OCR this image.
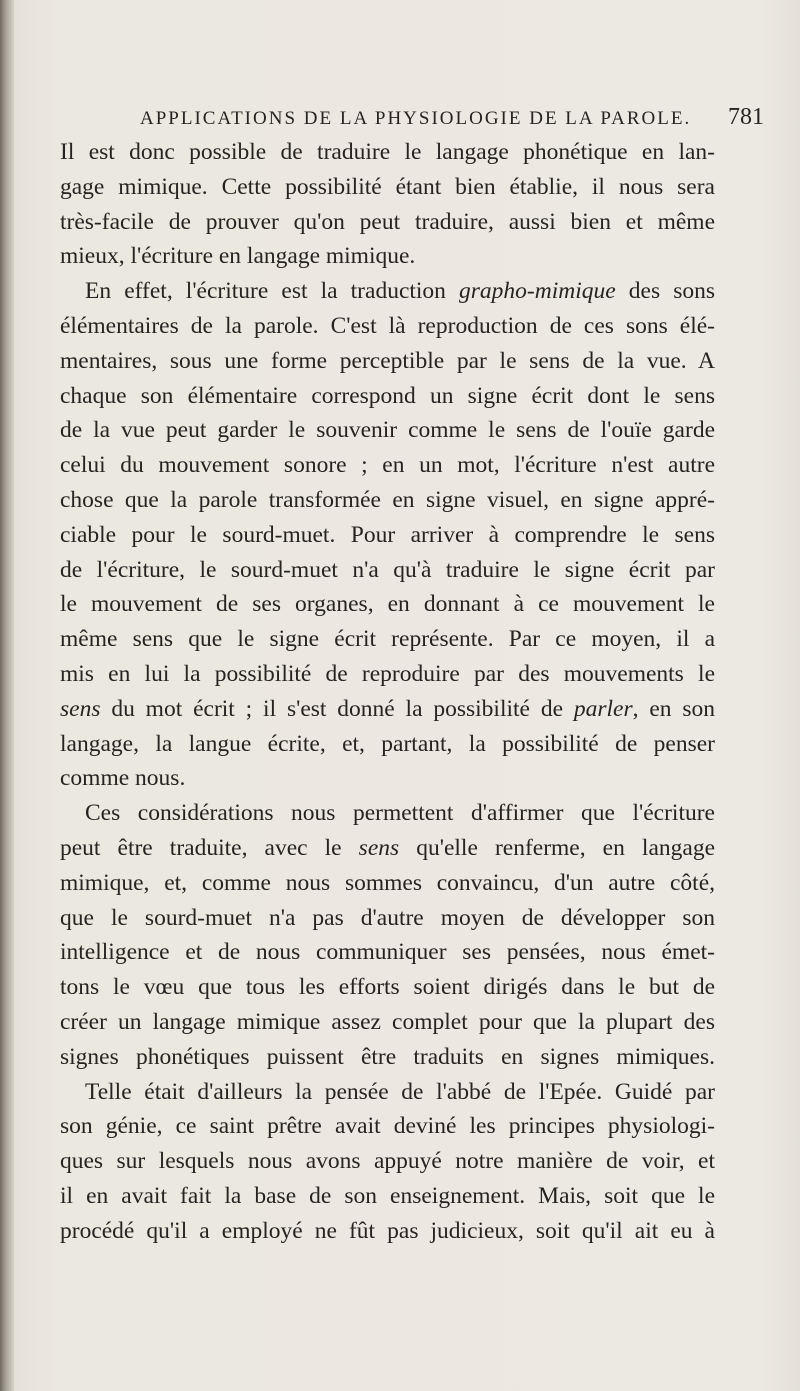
APPLICATIONS DE LA PHYSIOLOGIE DE LA PAROLE. 781
Il est donc possible de traduire le langage phonétique en lan-
gage mimique. Cette possibilité étant bien établie, il nous sera
très-facile de prouver qu'on peut traduire, aussi bien et même
mieux, l'écriture en langage mimique.
En effet, l'écriture est la traduction grapho-mimique des sons
élémentaires de la parole. C'est là reproduction de ces sons élé-
mentaires, sous une forme perceptible par le sens de la vue. A
chaque son élémentaire correspond un signe écrit dont le sens
de la vue peut garder le souvenir comme le sens de l'ouïe garde
celui du mouvement sonore ; en un mot, l'écriture n'est autre
chose que la parole transformée en signe visuel, en signe appré-
ciable pour le sourd-muet. Pour arriver à comprendre le sens
de l'écriture, le sourd-muet n'a qu'à traduire le signe écrit par
le mouvement de ses organes, en donnant à ce mouvement le
même sens que le signe écrit représente. Par ce moyen, il a
mis en lui la possibilité de reproduire par des mouvements le
sens du mot écrit ; il s'est donné la possibilité de parler, en son
langage, la langue écrite, et, partant, la possibilité de penser
comme nous.
Ces considérations nous permettent d'affirmer que l'écriture
peut être traduite, avec le sens qu'elle renferme, en langage
mimique, et, comme nous sommes convaincu, d'un autre côté,
que le sourd-muet n'a pas d'autre moyen de développer son
intelligence et de nous communiquer ses pensées, nous émet-
tons le vœu que tous les efforts soient dirigés dans le but de
créer un langage mimique assez complet pour que la plupart des
signes phonétiques puissent être traduits en signes mimiques.
Telle était d'ailleurs la pensée de l'abbé de l'Epée. Guidé par
son génie, ce saint prêtre avait deviné les principes physiologi-
ques sur lesquels nous avons appuyé notre manière de voir, et
il en avait fait la base de son enseignement. Mais, soit que le
procédé qu'il a employé ne fût pas judicieux, soit qu'il ait eu à
